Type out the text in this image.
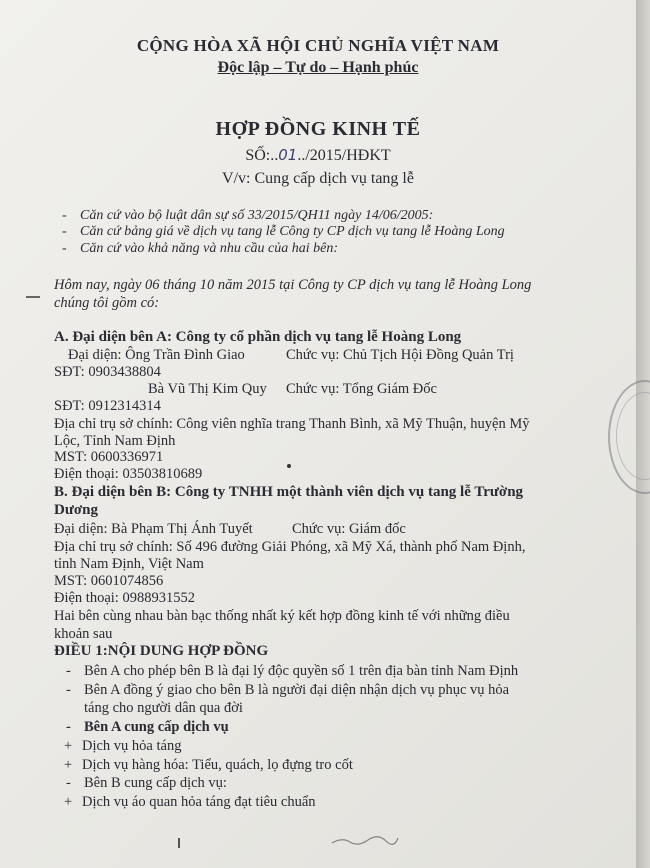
CỘNG HÒA XÃ HỘI CHỦ NGHĨA VIỆT NAM
Độc lập – Tự do – Hạnh phúc
HỢP ĐỒNG KINH TẾ
SỐ:..01../2015/HĐKT
V/v: Cung cấp dịch vụ tang lễ
- Căn cứ vào bộ luật dân sự số 33/2015/QH11 ngày 14/06/2005:
- Căn cứ bảng giá về dịch vụ tang lễ Công ty CP dịch vụ tang lễ Hoàng Long
- Căn cứ vào khả năng và nhu cầu của hai bên:
Hôm nay, ngày 06 tháng 10 năm 2015 tại Công ty CP dịch vụ tang lễ Hoàng Long
chúng tôi gồm có:
A. Đại diện bên A: Công ty cổ phần dịch vụ tang lễ Hoàng Long
Đại diện: Ông Trần Đình Giao	Chức vụ: Chủ Tịch Hội Đồng Quản Trị
SĐT: 0903438804
Bà Vũ Thị Kim Quy Chức vụ: Tổng Giám Đốc
SĐT: 0912314314
Địa chỉ trụ sở chính: Công viên nghĩa trang Thanh Bình, xã Mỹ Thuận, huyện Mỹ
Lộc, Tỉnh Nam Định
MST: 0600336971
Điện thoại: 03503810689
B. Đại diện bên B: Công ty TNHH một thành viên dịch vụ tang lễ Trường
Dương
Đại diện: Bà Phạm Thị Ánh Tuyết	Chức vụ: Giám đốc
Địa chỉ trụ sở chính: Số 496 đường Giải Phóng, xã Mỹ Xá, thành phố Nam Định,
tỉnh Nam Định, Việt Nam
MST: 0601074856
Điện thoại: 0988931552
Hai bên cùng nhau bàn bạc thống nhất ký kết hợp đồng kinh tế với những điều
khoản sau
ĐIỀU 1:NỘI DUNG HỢP ĐỒNG
- Bên A cho phép bên B là đại lý độc quyền số 1 trên địa bàn tỉnh Nam Định
- Bên A đồng ý giao cho bên B là người đại diện nhận dịch vụ phục vụ hỏa
táng cho người dân qua đời
- Bên A cung cấp dịch vụ
+ Dịch vụ hỏa táng
+ Dịch vụ hàng hóa: Tiểu, quách, lọ đựng tro cốt
- Bên B cung cấp dịch vụ:
+ Dịch vụ áo quan hỏa táng đạt tiêu chuẩn
